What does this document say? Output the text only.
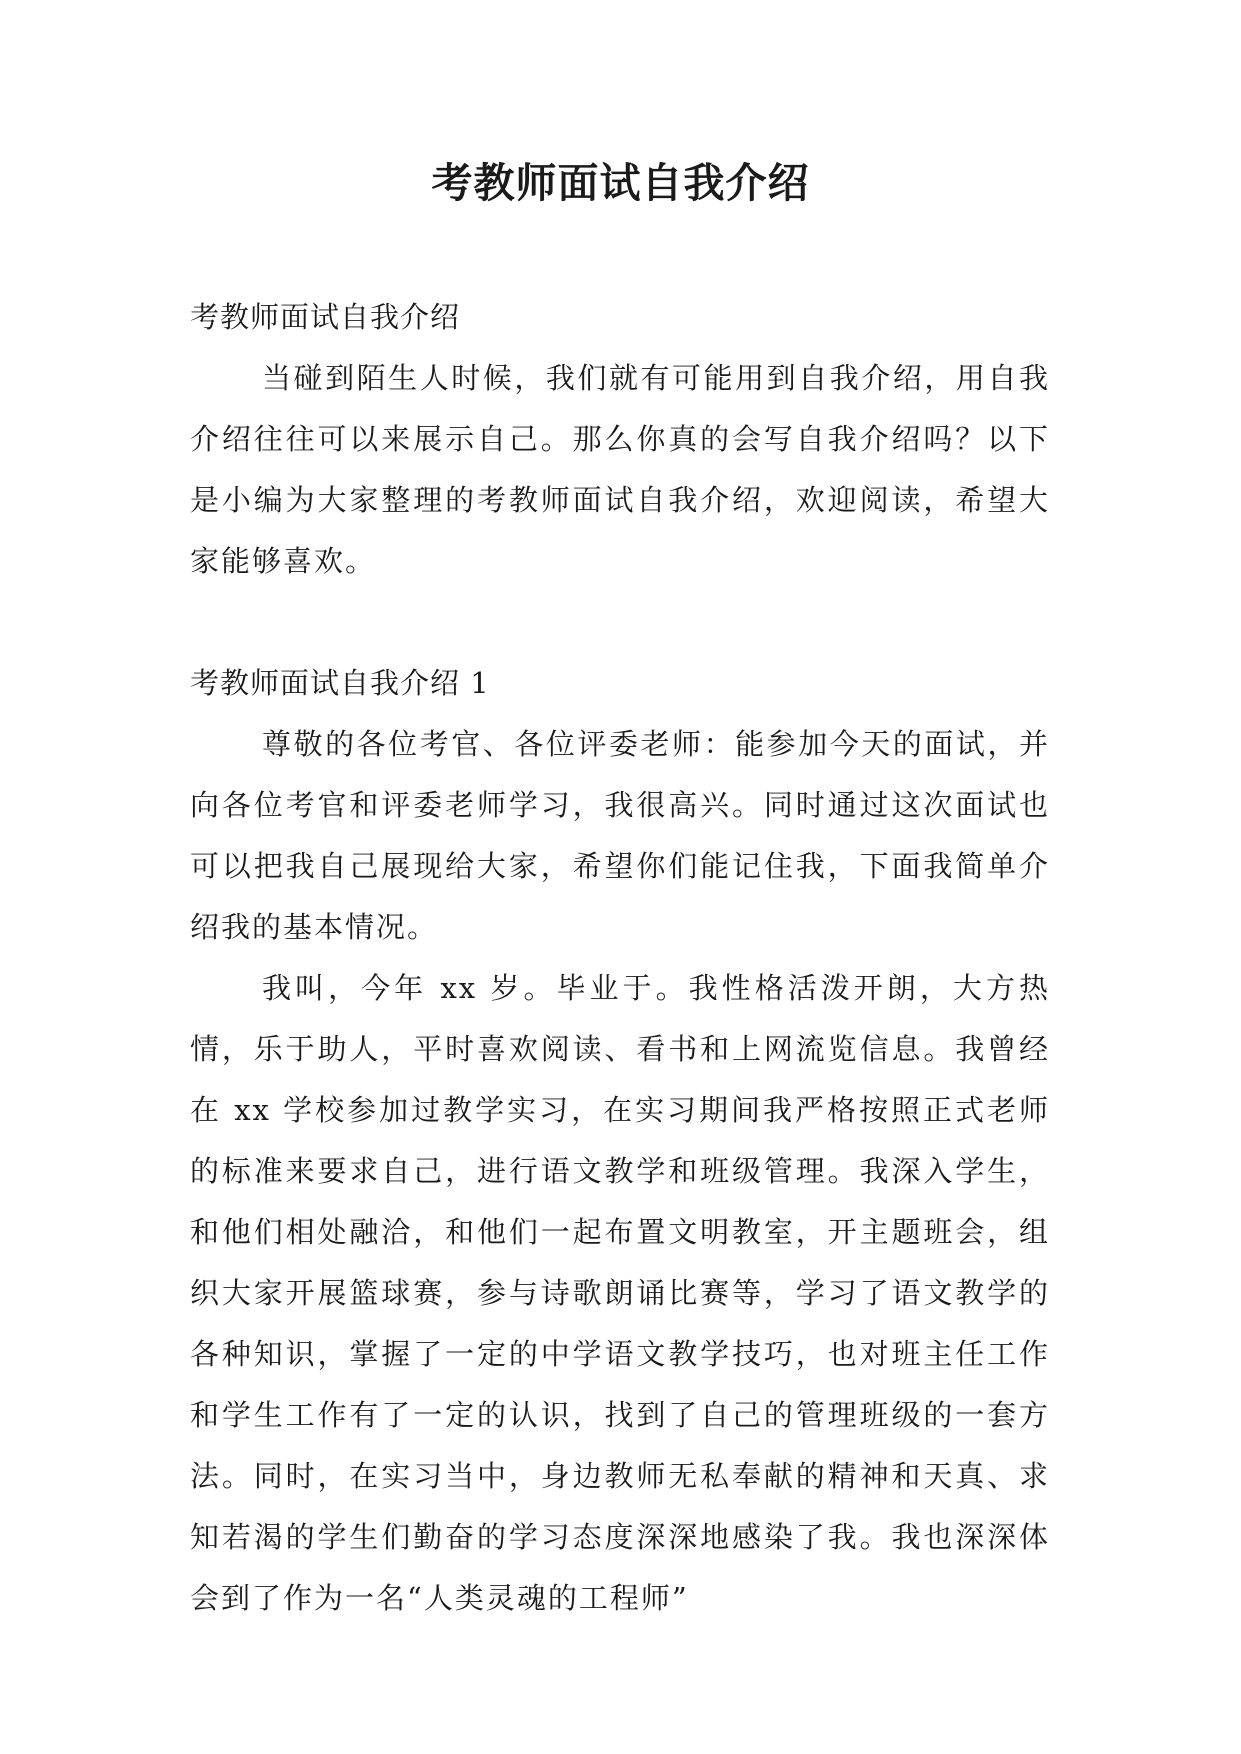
考教师面试自我介绍

考教师面试自我介绍

当碰到陌生人时候，我们就有可能用到自我介绍，用自我介绍往往可以来展示自己。那么你真的会写自我介绍吗？以下是小编为大家整理的考教师面试自我介绍，欢迎阅读，希望大家能够喜欢。

考教师面试自我介绍 1

尊敬的各位考官、各位评委老师：能参加今天的面试，并向各位考官和评委老师学习，我很高兴。同时通过这次面试也可以把我自己展现给大家，希望你们能记住我，下面我简单介绍我的基本情况。

我叫，今年 xx 岁。毕业于。我性格活泼开朗，大方热情，乐于助人，平时喜欢阅读、看书和上网流览信息。我曾经在 xx 学校参加过教学实习，在实习期间我严格按照正式老师的标准来要求自己，进行语文教学和班级管理。我深入学生，和他们相处融洽，和他们一起布置文明教室，开主题班会，组织大家开展篮球赛，参与诗歌朗诵比赛等，学习了语文教学的各种知识，掌握了一定的中学语文教学技巧，也对班主任工作和学生工作有了一定的认识，找到了自己的管理班级的一套方法。同时，在实习当中，身边教师无私奉献的精神和天真、求知若渴的学生们勤奋的学习态度深深地感染了我。我也深深体会到了作为一名“人类灵魂的工程师”
